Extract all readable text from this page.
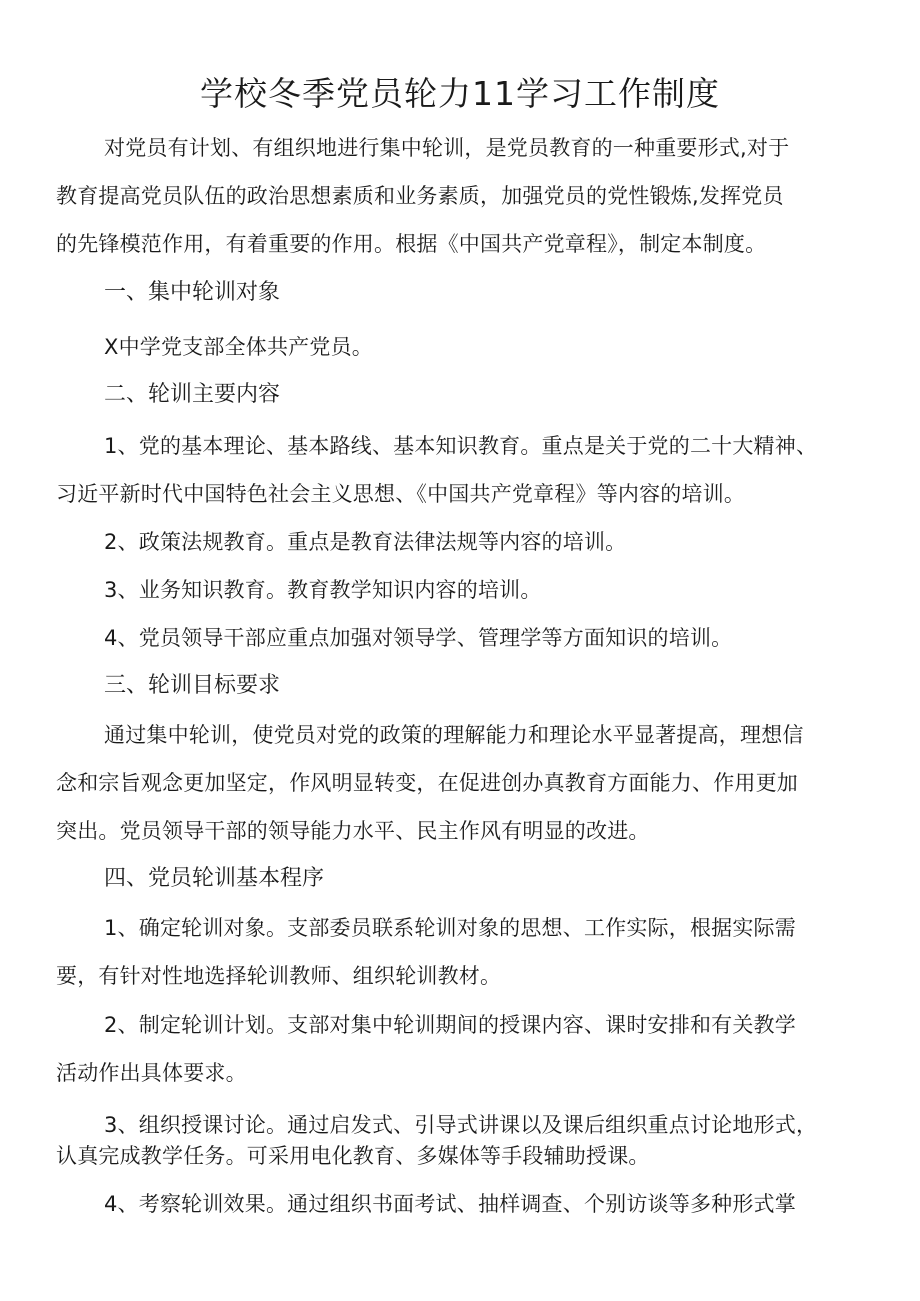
学校冬季党员轮力11学习工作制度

对党员有计划、有组织地进行集中轮训，是党员教育的一种重要形式,对于

教育提高党员队伍的政治思想素质和业务素质，加强党员的党性锻炼,发挥党员

的先锋模范作用，有着重要的作用。根据《中国共产党章程》，制定本制度。

一、集中轮训对象

X中学党支部全体共产党员。

二、轮训主要内容

1、党的基本理论、基本路线、基本知识教育。重点是关于党的二十大精神、

习近平新时代中国特色社会主义思想、《中国共产党章程》等内容的培训。

2、政策法规教育。重点是教育法律法规等内容的培训。

3、业务知识教育。教育教学知识内容的培训。

4、党员领导干部应重点加强对领导学、管理学等方面知识的培训。

三、轮训目标要求

通过集中轮训，使党员对党的政策的理解能力和理论水平显著提高，理想信

念和宗旨观念更加坚定，作风明显转变，在促进创办真教育方面能力、作用更加

突出。党员领导干部的领导能力水平、民主作风有明显的改进。

四、党员轮训基本程序

1、确定轮训对象。支部委员联系轮训对象的思想、工作实际，根据实际需

要，有针对性地选择轮训教师、组织轮训教材。

2、制定轮训计划。支部对集中轮训期间的授课内容、课时安排和有关教学

活动作出具体要求。

3、组织授课讨论。通过启发式、引导式讲课以及课后组织重点讨论地形式，

认真完成教学任务。可采用电化教育、多媒体等手段辅助授课。

4、考察轮训效果。通过组织书面考试、抽样调查、个别访谈等多种形式掌
